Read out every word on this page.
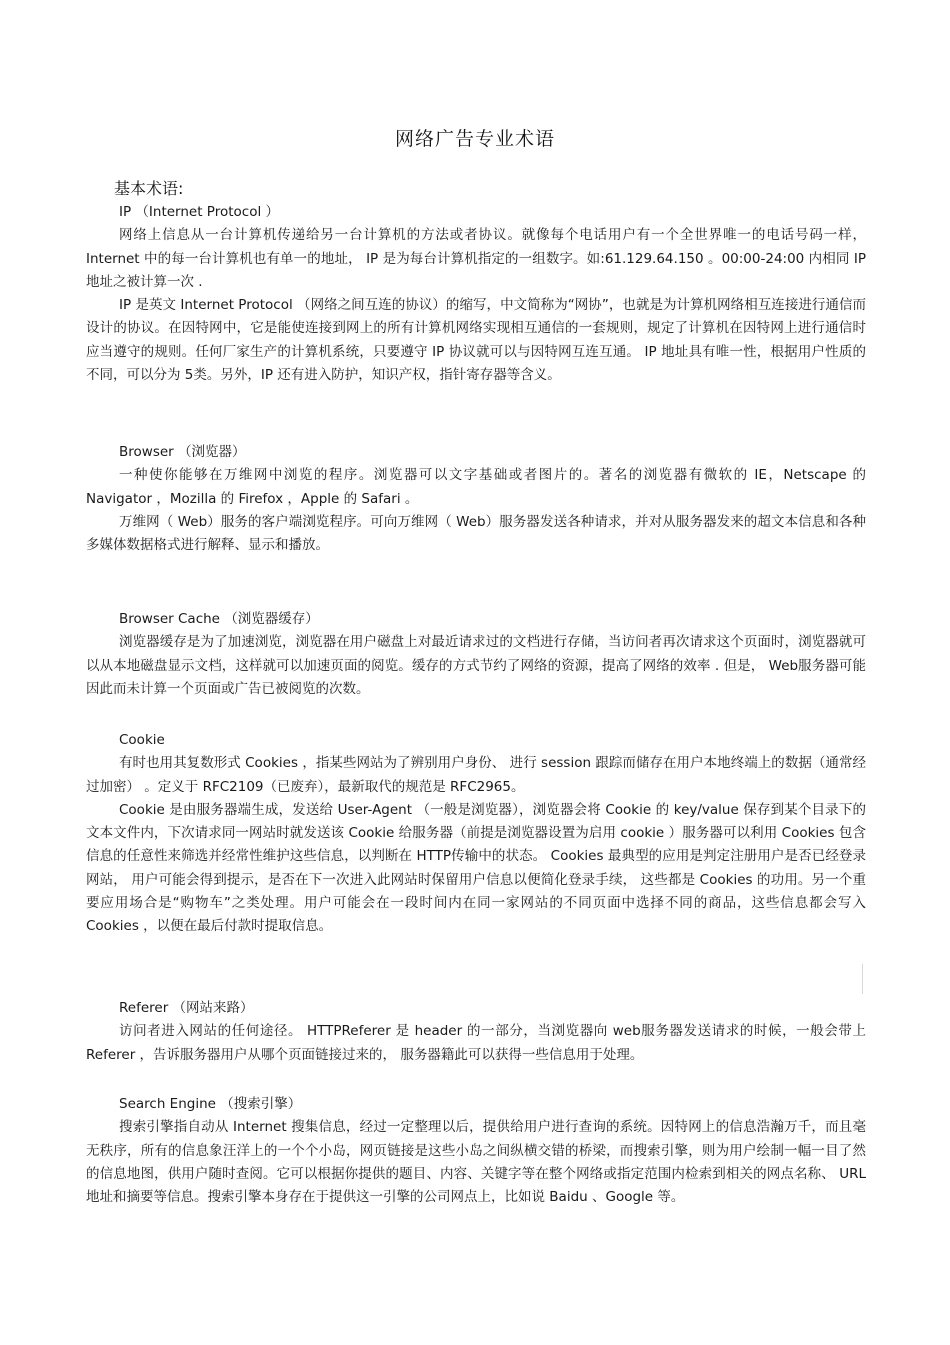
网络广告专业术语
基本术语:
IP （Internet Protocol ）
网络上信息从一台计算机传递给另一台计算机的方法或者协议。就像每个电话用户有一个全世界唯一的电话号码一样， Internet 中的每一台计算机也有单一的地址， IP 是为每台计算机指定的一组数字。如:61.129.64.150 。00:00-24:00 内相同 IP 地址之被计算一次 .
IP 是英文 Internet Protocol （网络之间互连的协议）的缩写，中文简称为“网协”，也就是为计算机网络相互连接进行通信而设计的协议。在因特网中，它是能使连接到网上的所有计算机网络实现相互通信的一套规则，规定了计算机在因特网上进行通信时应当遵守的规则。任何厂家生产的计算机系统，只要遵守 IP 协议就可以与因特网互连互通。 IP 地址具有唯一性，根据用户性质的不同，可以分为 5类。另外，IP 还有进入防护，知识产权，指针寄存器等含义。
Browser （浏览器）
一种使你能够在万维网中浏览的程序。浏览器可以文字基础或者图片的。著名的浏览器有微软的 IE，Netscape 的 Navigator ，Mozilla 的 Firefox ，Apple 的 Safari 。
万维网（ Web）服务的客户端浏览程序。可向万维网（ Web）服务器发送各种请求，并对从服务器发来的超文本信息和各种多媒体数据格式进行解释、显示和播放。
Browser Cache （浏览器缓存）
浏览器缓存是为了加速浏览，浏览器在用户磁盘上对最近请求过的文档进行存储，当访问者再次请求这个页面时，浏览器就可以从本地磁盘显示文档，这样就可以加速页面的阅览。缓存的方式节约了网络的资源，提高了网络的效率 . 但是， Web服务器可能因此而未计算一个页面或广告已被阅览的次数。
Cookie
有时也用其复数形式 Cookies ，指某些网站为了辨别用户身份、 进行 session 跟踪而储存在用户本地终端上的数据（通常经过加密） 。定义于 RFC2109（已废弃），最新取代的规范是 RFC2965。
Cookie 是由服务器端生成，发送给 User-Agent （一般是浏览器），浏览器会将 Cookie 的 key/value 保存到某个目录下的文本文件内，下次请求同一网站时就发送该 Cookie 给服务器（前提是浏览器设置为启用 cookie ）服务器可以利用 Cookies 包含信息的任意性来筛选并经常性维护这些信息，以判断在 HTTP传输中的状态。 Cookies 最典型的应用是判定注册用户是否已经登录网站， 用户可能会得到提示，是否在下一次进入此网站时保留用户信息以便简化登录手续， 这些都是 Cookies 的功用。另一个重要应用场合是“购物车”之类处理。用户可能会在一段时间内在同一家网站的不同页面中选择不同的商品，这些信息都会写入Cookies ，以便在最后付款时提取信息。
Referer （网站来路）
访问者进入网站的任何途径。 HTTPReferer 是 header 的一部分，当浏览器向 web服务器发送请求的时候，一般会带上 Referer ，告诉服务器用户从哪个页面链接过来的， 服务器籍此可以获得一些信息用于处理。
Search Engine （搜索引擎）
搜索引擎指自动从 Internet 搜集信息，经过一定整理以后，提供给用户进行查询的系统。因特网上的信息浩瀚万千，而且毫无秩序，所有的信息象汪洋上的一个个小岛，网页链接是这些小岛之间纵横交错的桥梁，而搜索引擎，则为用户绘制一幅一目了然的信息地图，供用户随时查阅。它可以根据你提供的题目、内容、关键字等在整个网络或指定范围内检索到相关的网点名称、 URL地址和摘要等信息。搜索引擎本身存在于提供这一引擎的公司网点上，比如说 Baidu 、Google 等。
